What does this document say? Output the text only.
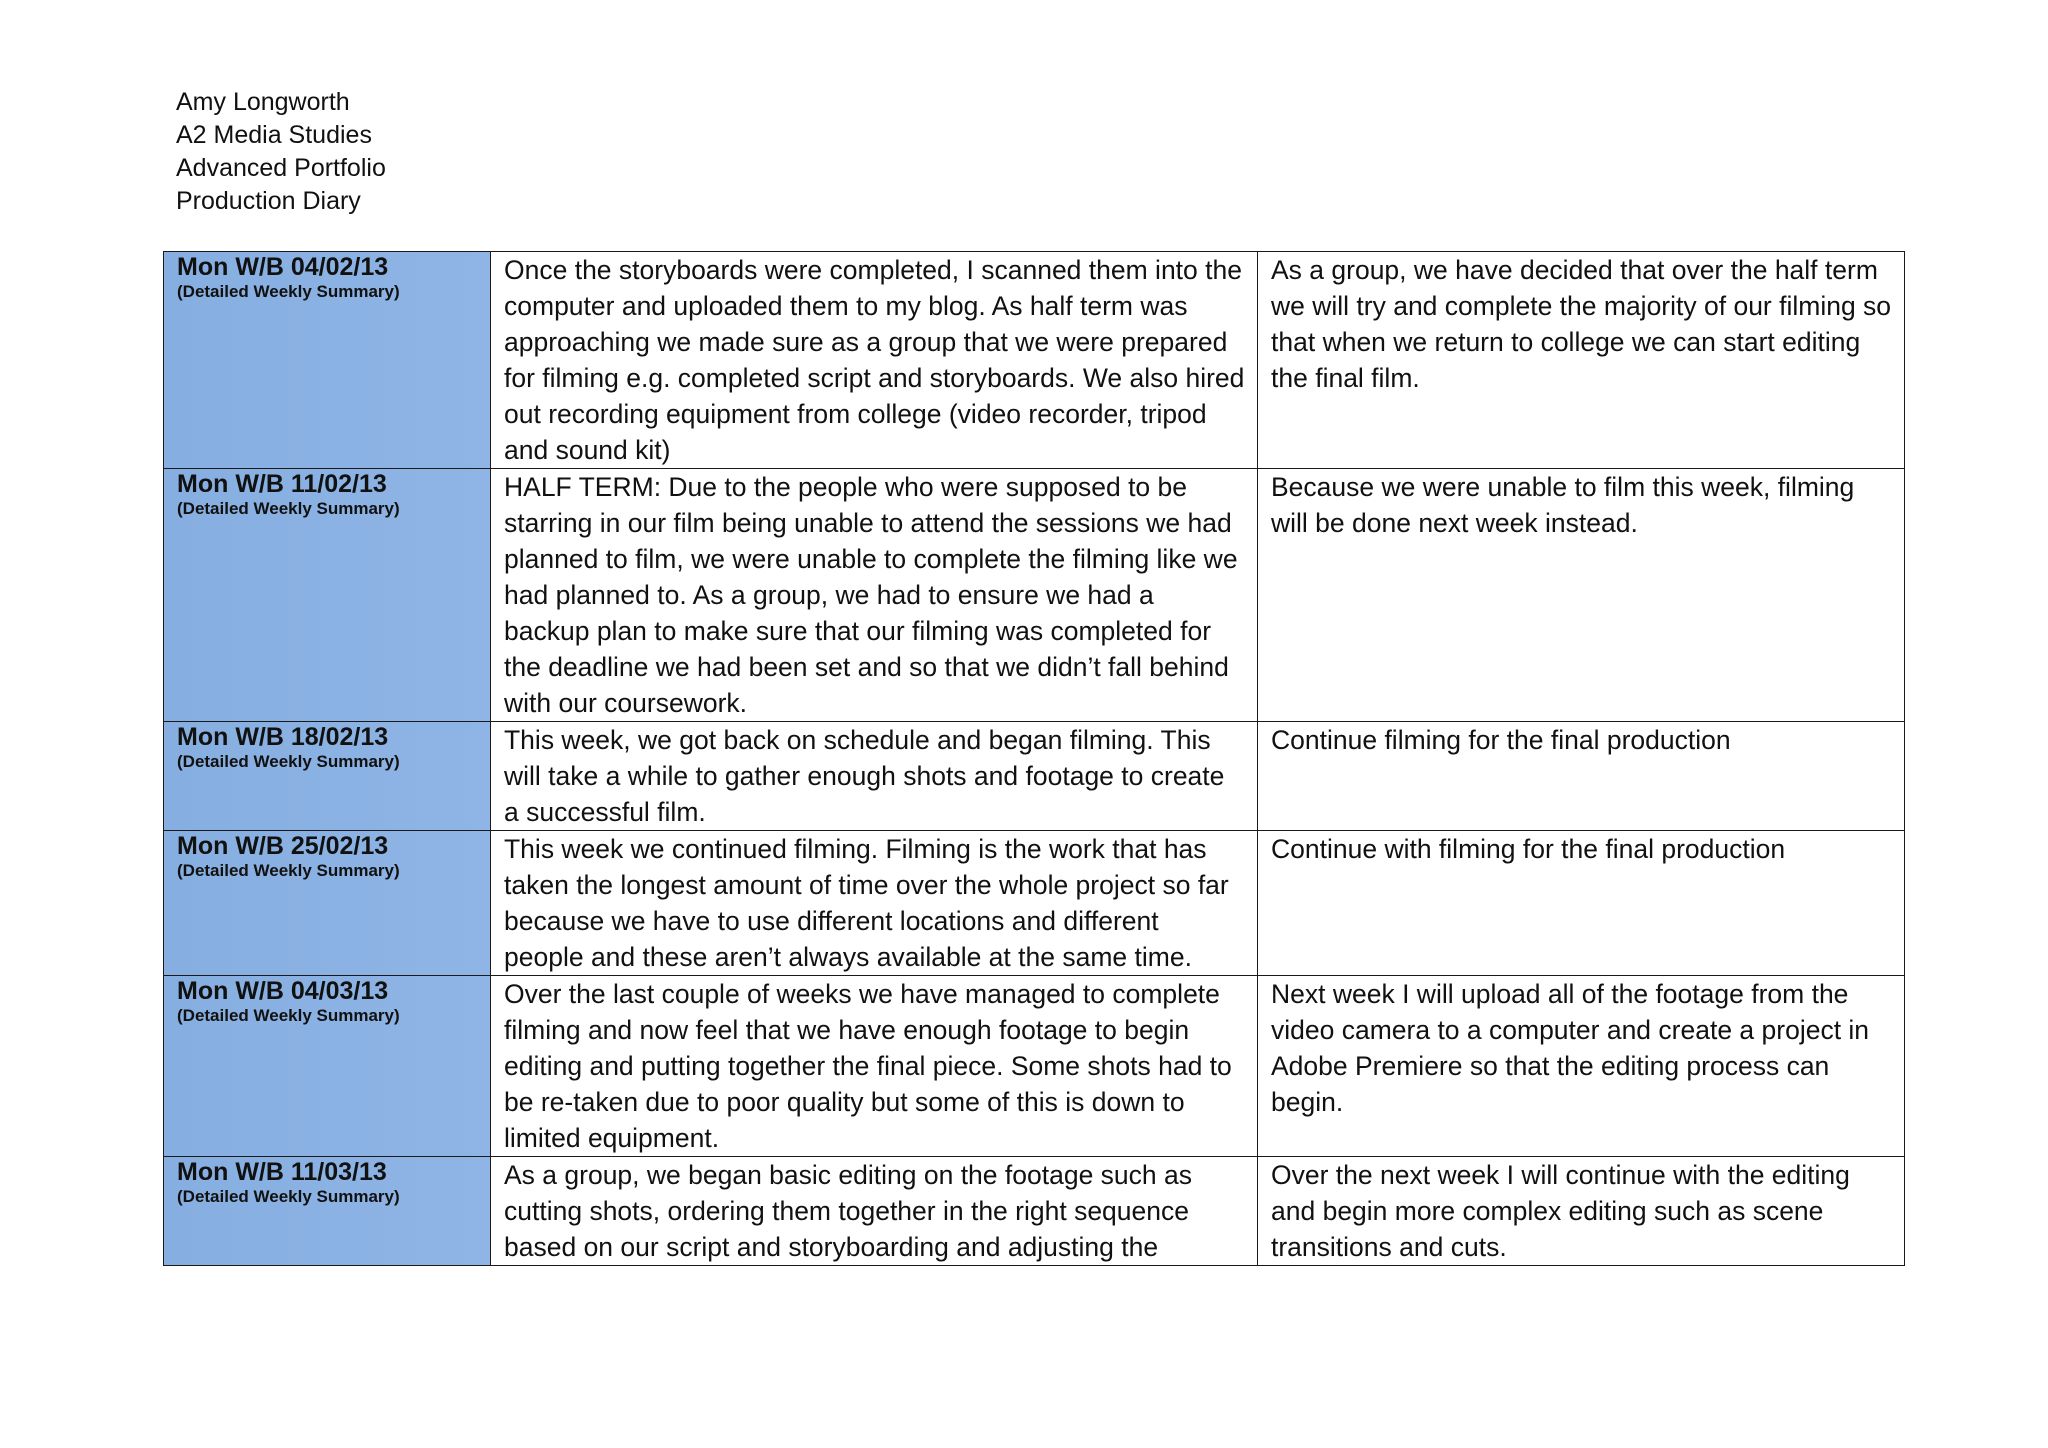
Amy Longworth
A2 Media Studies
Advanced Portfolio
Production Diary
Mon W/B 04/02/13
(Detailed Weekly Summary)	Once the storyboards were completed, I scanned them into the computer and uploaded them to my blog. As half term was approaching we made sure as a group that we were prepared for filming e.g. completed script and storyboards. We also hired out recording equipment from college (video recorder, tripod and sound kit)	As a group, we have decided that over the half term we will try and complete the majority of our filming so that when we return to college we can start editing the final film.

Mon W/B 11/02/13
(Detailed Weekly Summary)	HALF TERM: Due to the people who were supposed to be starring in our film being unable to attend the sessions we had planned to film, we were unable to complete the filming like we had planned to. As a group, we had to ensure we had a backup plan to make sure that our filming was completed for the deadline we had been set and so that we didn’t fall behind with our coursework.	Because we were unable to film this week, filming will be done next week instead.

Mon W/B 18/02/13
(Detailed Weekly Summary)	This week, we got back on schedule and began filming. This will take a while to gather enough shots and footage to create a successful film.	Continue filming for the final production

Mon W/B 25/02/13
(Detailed Weekly Summary)	This week we continued filming. Filming is the work that has taken the longest amount of time over the whole project so far because we have to use different locations and different people and these aren’t always available at the same time.	Continue with filming for the final production

Mon W/B 04/03/13
(Detailed Weekly Summary)	Over the last couple of weeks we have managed to complete filming and now feel that we have enough footage to begin editing and putting together the final piece. Some shots had to be re-taken due to poor quality but some of this is down to limited equipment.	Next week I will upload all of the footage from the video camera to a computer and create a project in Adobe Premiere so that the editing process can begin.

Mon W/B 11/03/13
(Detailed Weekly Summary)	As a group, we began basic editing on the footage such as cutting shots, ordering them together in the right sequence based on our script and storyboarding and adjusting the	Over the next week I will continue with the editing and begin more complex editing such as scene transitions and cuts.
